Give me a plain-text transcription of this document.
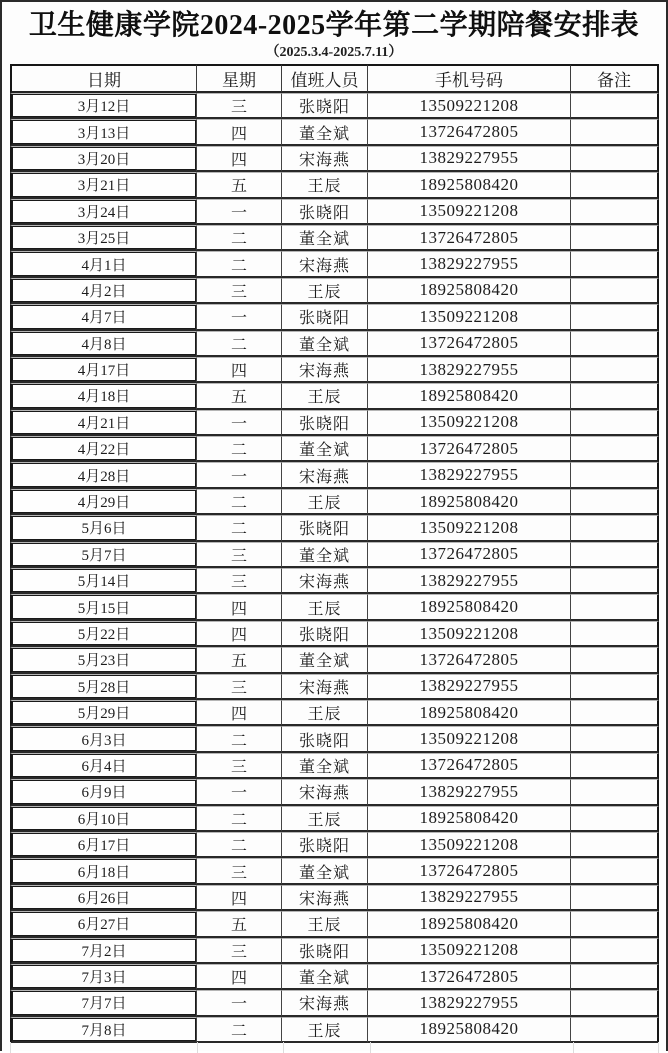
卫生健康学院2024-2025学年第二学期陪餐安排表
（2025.3.4-2025.7.11）
日期	星期	值班人员	手机号码	备注
3月12日	三	张晓阳	13509221208	
3月13日	四	董全斌	13726472805	
3月20日	四	宋海燕	13829227955	
3月21日	五	王辰	18925808420	
3月24日	一	张晓阳	13509221208	
3月25日	二	董全斌	13726472805	
4月1日	二	宋海燕	13829227955	
4月2日	三	王辰	18925808420	
4月7日	一	张晓阳	13509221208	
4月8日	二	董全斌	13726472805	
4月17日	四	宋海燕	13829227955	
4月18日	五	王辰	18925808420	
4月21日	一	张晓阳	13509221208	
4月22日	二	董全斌	13726472805	
4月28日	一	宋海燕	13829227955	
4月29日	二	王辰	18925808420	
5月6日	二	张晓阳	13509221208	
5月7日	三	董全斌	13726472805	
5月14日	三	宋海燕	13829227955	
5月15日	四	王辰	18925808420	
5月22日	四	张晓阳	13509221208	
5月23日	五	董全斌	13726472805	
5月28日	三	宋海燕	13829227955	
5月29日	四	王辰	18925808420	
6月3日	二	张晓阳	13509221208	
6月4日	三	董全斌	13726472805	
6月9日	一	宋海燕	13829227955	
6月10日	二	王辰	18925808420	
6月17日	二	张晓阳	13509221208	
6月18日	三	董全斌	13726472805	
6月26日	四	宋海燕	13829227955	
6月27日	五	王辰	18925808420	
7月2日	三	张晓阳	13509221208	
7月3日	四	董全斌	13726472805	
7月7日	一	宋海燕	13829227955	
7月8日	二	王辰	18925808420	
